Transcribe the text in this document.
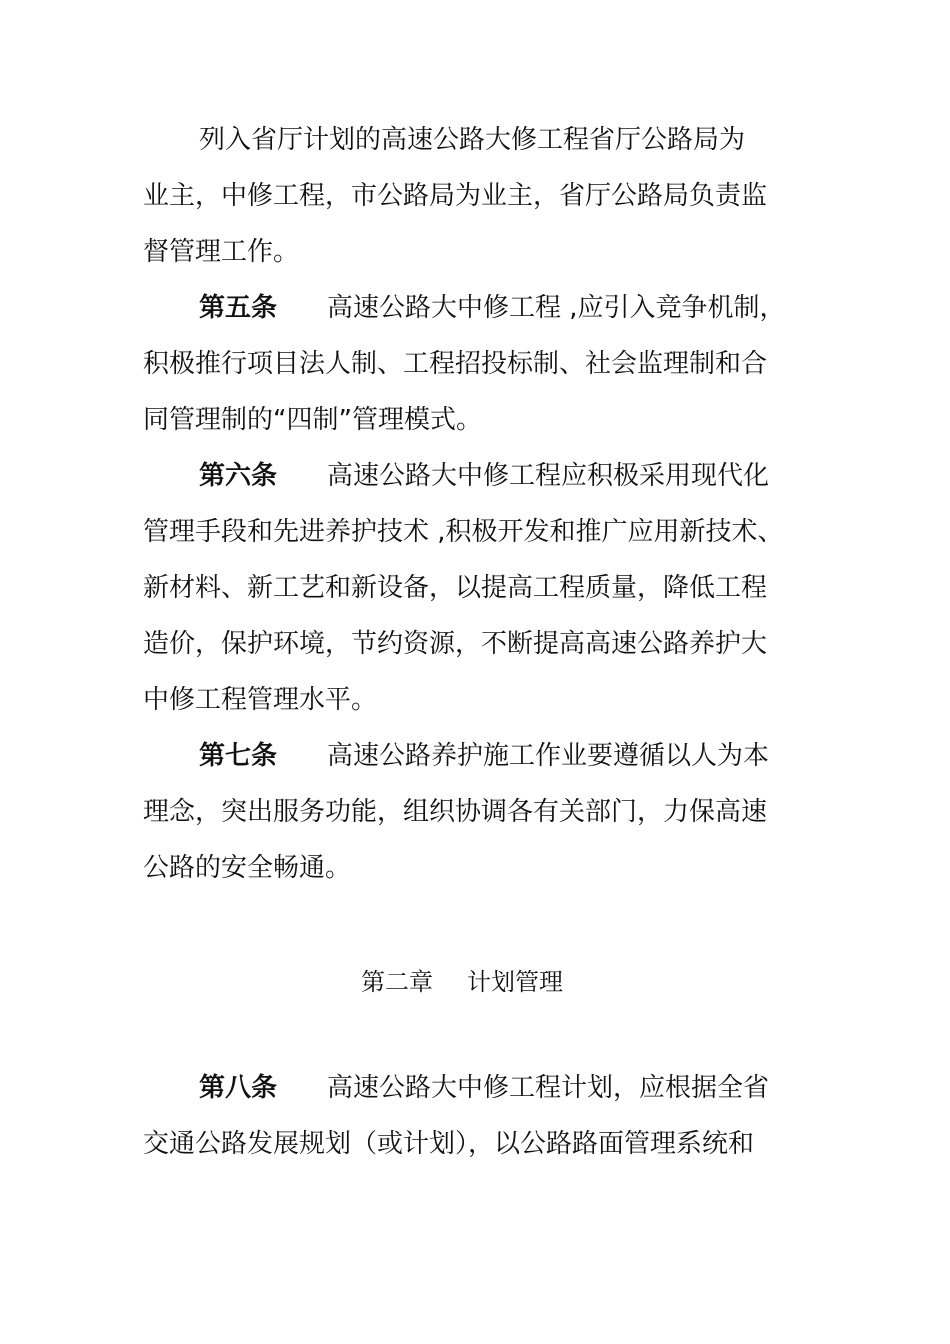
列入省厅计划的高速公路大修工程省厅公路局为
业主，中修工程，市公路局为业主，省厅公路局负责监
督管理工作。
第五条 高速公路大中修工程 ,应引入竞争机制，
积极推行项目法人制、工程招投标制、社会监理制和合
同管理制的“四制”管理模式。
第六条 高速公路大中修工程应积极采用现代化
管理手段和先进养护技术 ,积极开发和推广应用新技术、
新材料、新工艺和新设备，以提高工程质量，降低工程
造价，保护环境，节约资源，不断提高高速公路养护大
中修工程管理水平。
第七条 高速公路养护施工作业要遵循以人为本
理念，突出服务功能，组织协调各有关部门，力保高速
公路的安全畅通。
第二章 计划管理
第八条 高速公路大中修工程计划，应根据全省
交通公路发展规划（或计划），以公路路面管理系统和
